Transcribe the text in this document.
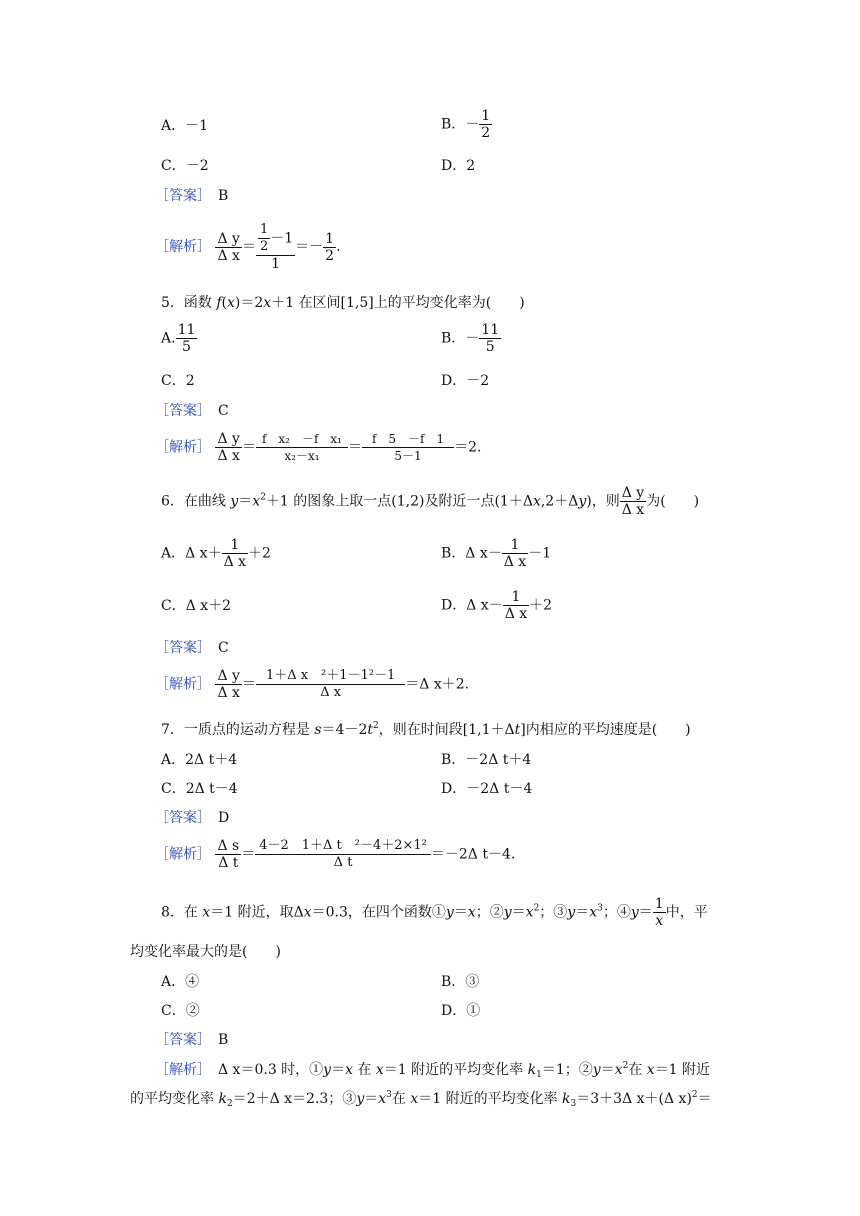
A．－1	B．－ $\frac{1}{2}$
C．－2	D．2
［答案］　 B
［解析］ $\frac{\text{Δ y}}{\text{Δ x}} = \frac{\frac{1}{2} -1}{1} =- \frac{1}{2}$ .
5．函数 f(x)＝2x＋1 在区间[1,5]上的平均变化率为(　　)
A. $\frac{11}{5}$	B．－ $\frac{11}{5}$
C．2	D．－2
［答案］　 C
［解析］ $\frac{\text{Δ y}}{\text{Δ x}} = \frac{\text{f　x₂　－f　x₁}}{\text{x₂－x₁}} = \frac{f 5 -f 1}{5-1} =2$.
6．在曲线 $y=x^2+1$ 的图象上取一点(1,2)及附近一点(1＋Δx,2＋Δy)，则 $\frac{\text{Δ y}}{\text{Δ x}}$ 为(　　)
A．Δ $x+ \frac{1}{\text{Δ x}} +2$	B．Δ $x- \frac{1}{\text{Δ x}} -1$
C．Δ x＋2	D．Δ $x- \frac{1}{\text{Δ x}} +2$
［答案］　 C
［解析］ $\frac{\text{Δ y}}{\text{Δ x}} = \frac{\text{1＋Δ x　²＋1－1²－1}}{\text{Δ x}} =\Delta$ x＋2.
7．一质点的运动方程是 $s=4-2t^2$，则在时间段[1,1＋Δt]内相应的平均速度是(　　)
A．2Δ t＋4	B．－2Δ t＋4
C．2Δ t－4	D．－2Δ t－4
［答案］　 D
［解析］ $\frac{\text{Δ s}}{\text{Δ t}} = \frac{\text{4－2　1＋Δ t　²－4＋2×1²}}{\text{Δ t}} =-2\Delta$ t－4.
8．在 x＝1 附近，取Δx＝0.3，在四个函数①y＝x；$②y=x^2$；$③y=x^3$；④y＝ $\frac{1}{x}$ 中，平
均变化率最大的是(　　)
A．④	B．③
C．②	D．①
［答案］　 B
［解析］　Δ x＝0.3 时，①y＝x 在 x＝1 附近的平均变化率 $k_1=1$；$②y=x^2$在 x＝1 附近
的平均变化率 $k_2=2+\Delta$ x＝2.3；$③y=x^3$在 x＝1 附近的平均变化率 $k_3=3+3\Delta$ x＋(Δ x)$^2$＝
